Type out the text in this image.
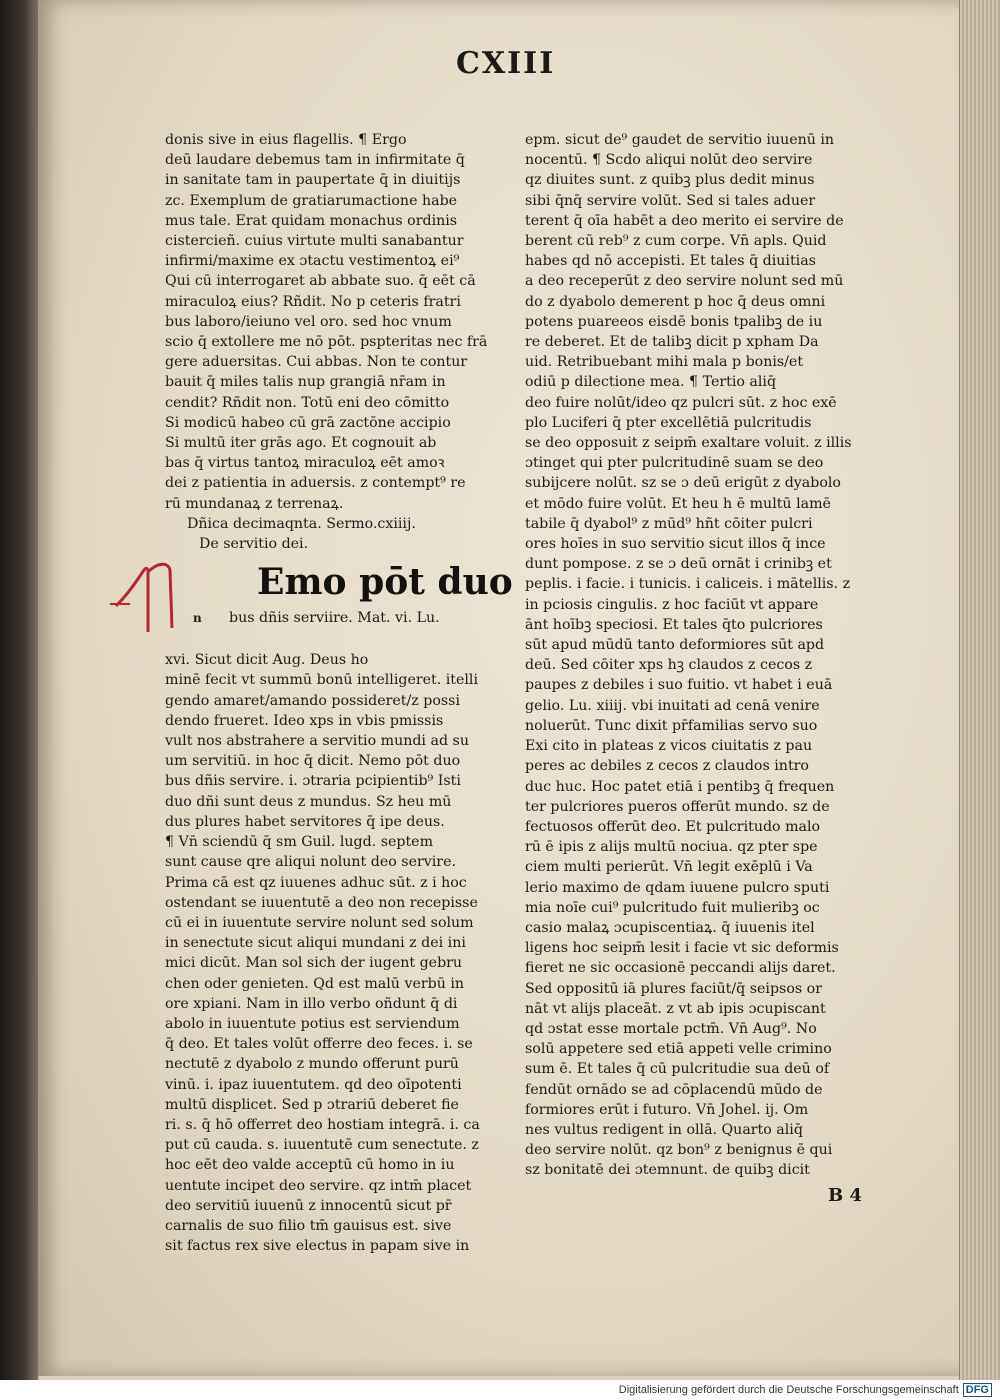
CXIII
donis sive in eius flagellis. ¶ Ergo
deū laudare debemus tam in infirmitate q̄
in sanitate tam in paupertate q̄ in diuitijs
zc. Exemplum de gratiarumactione habe
mus tale. Erat quidam monachus ordinis
cistercieñ. cuius virtute multi sanabantur
infirmi/maxime ex ɔtactu vestimentoꝝ ei⁹
Qui cū interrogaret ab abbate suo. q̄ eēt cā
miraculoꝝ eius? Rñdit. No p ceteris fratri
bus laboro/ieiuno vel oro. sed hoc vnum
scio q̄ extollere me nō pōt. pspteritas nec frā
gere aduersitas. Cui abbas. Non te contur
bauit q̄ miles talis nup grangiā nr̄am in
cendit? Rñdit non. Totū eni deo cōmitto
Si modicū habeo cū grā zactōne accipio
Si multū iter grās ago. Et cognouit ab
bas q̄ virtus tantoꝝ miraculoꝝ eēt amoꝛ
dei z patientia in aduersis. z contempt⁹ re
rū mundanaꝝ z terrenaꝝ.
Dñica decimaqnta. Sermo.cxiiij.
De servitio dei.
Emo pōt duo
n bus dñis serviire. Mat. vi. Lu.
xvi. Sicut dicit Aug. Deus ho
minē fecit vt summū bonū intelligeret. itelli
gendo amaret/amando possideret/z possi
dendo frueret. Ideo xps in vbis pmissis
vult nos abstrahere a servitio mundi ad su
um servitiū. in hoc q̄ dicit. Nemo pōt duo
bus dñis servire. i. ɔtraria pcipientib⁹ Isti
duo dñi sunt deus z mundus. Sz heu mū
dus plures habet servitores q̄ ipe deus.
¶ Vn̄ sciendū q̄ sm Guil. lugd. septem
sunt cause qre aliqui nolunt deo servire.
Prima cā est qz iuuenes adhuc sūt. z i hoc
ostendant se iuuentutē a deo non recepisse
cū ei in iuuentute servire nolunt sed solum
in senectute sicut aliqui mundani z dei ini
mici dicūt. Man sol sich der iugent gebru
chen oder genieten. Qd est malū verbū in
ore xpiani. Nam in illo verbo oñdunt q̄ di
abolo in iuuentute potius est serviendum
q̄ deo. Et tales volūt offerre deo feces. i. se
nectutē z dyabolo z mundo offerunt purū
vinū. i. ipaz iuuentutem. qd deo oīpotenti
multū displicet. Sed p ɔtrariū deberet fie
ri. s. q̄ hō offerret deo hostiam integrā. i. ca
put cū cauda. s. iuuentutē cum senectute. z
hoc eēt deo valde acceptū cū homo in iu
uentute incipet deo servire. qz intm̄ placet
deo servitiū iuuenū z innocentū sicut pr̄
carnalis de suo filio tm̄ gauisus est. sive
sit factus rex sive electus in papam sive in
epm. sicut de⁹ gaudet de servitio iuuenū in
nocentū. ¶ Scdo aliqui nolūt deo servire
qz diuites sunt. z quibꝫ plus dedit minus
sibi q̄nq̄ servire volūt. Sed si tales aduer
terent q̄ oīa habēt a deo merito ei servire de
berent cū reb⁹ z cum corpe. Vn̄ apls. Quid
habes qd nō accepisti. Et tales q̄ diuitias
a deo receperūt z deo servire nolunt sed mū
do z dyabolo demerent p hoc q̄ deus omni
potens puareeos eisdē bonis tpalibꝫ de iu
re deberet. Et de talibꝫ dicit p xpham Da
uid. Retribuebant mihi mala p bonis/et
odiū p dilectione mea. ¶ Tertio aliq̄
deo fuire nolūt/ideo qz pulcri sūt. z hoc exē
plo Luciferi q̄ pter excellētiā pulcritudis
se deo opposuit z seipm̄ exaltare voluit. z illis
ɔtinget qui pter pulcritudinē suam se deo
subijcere nolūt. sz se ɔ deū erigūt z dyabolo
et mōdo fuire volūt. Et heu h ē multū lamē
tabile q̄ dyabol⁹ z mūd⁹ hñt cōiter pulcri
ores hoīes in suo servitio sicut illos q̄ ince
dunt pompose. z se ɔ deū ornāt i crinibꝫ et
peplis. i facie. i tunicis. i caliceis. i mātellis. z
in pciosis cingulis. z hoc faciūt vt appare
ānt hoībꝫ speciosi. Et tales q̄to pulcriores
sūt apud mūdū tanto deformiores sūt apd
deū. Sed cōiter xps hꝫ claudos z cecos z
paupes z debiles i suo fuitio. vt habet i euā
gelio. Lu. xiiij. vbi inuitati ad cenā venire
noluerūt. Tunc dixit pr̄familias servo suo
Exi cito in plateas z vicos ciuitatis z pau
peres ac debiles z cecos z claudos intro
duc huc. Hoc patet etiā i pentibꝫ q̄ frequen
ter pulcriores pueros offerūt mundo. sz de
fectuosos offerūt deo. Et pulcritudo malo
rū ē ipis z alijs multū nociua. qz pter spe
ciem multi perierūt. Vn̄ legit exēplū i Va
lerio maximo de qdam iuuene pulcro sputi
mia noīe cui⁹ pulcritudo fuit mulieribꝫ oc
casio malaꝝ ɔcupiscentiaꝝ. q̄ iuuenis itel
ligens hoc seipm̄ lesit i facie vt sic deformis
fieret ne sic occasionē peccandi alijs daret.
Sed oppositū iā plures faciūt/q̄ seipsos or
nāt vt alijs placeāt. z vt ab ipis ɔcupiscant
qd ɔstat esse mortale pctm̄. Vn̄ Aug⁹. No
solū appetere sed etiā appeti velle crimino
sum ē. Et tales q̄ cū pulcritudie sua deū of
fendūt ornādo se ad cōplacendū mūdo de
formiores erūt i futuro. Vn̄ Johel. ij. Om
nes vultus redigent in ollā. Quarto aliq̄
deo servire nolūt. qz bon⁹ z benignus ē qui
sz bonitatē dei ɔtemnunt. de quibꝫ dicit
B 4
Digitalisierung gefördert durch die Deutsche Forschungsgemeinschaft DFG
